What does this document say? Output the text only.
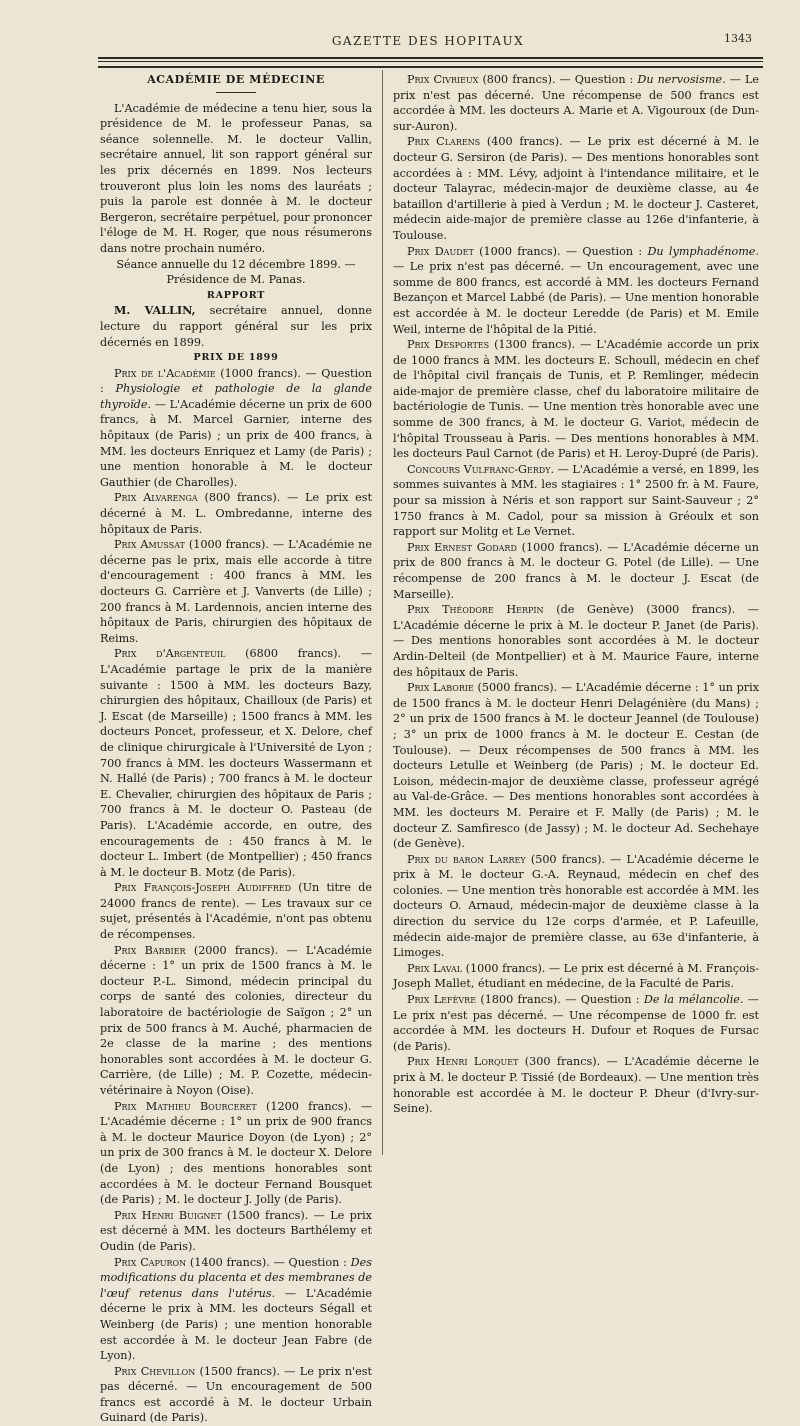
GAZETTE DES HOPITAUX	1343

ACADÉMIE DE MÉDECINE

L'Académie de médecine a tenu hier, sous la présidence de M. le professeur Panas, sa séance solennelle. M. le docteur Vallin, secrétaire annuel, lit son rapport général sur les prix décernés en 1899. Nos lecteurs trouveront plus loin les noms des lauréats ; puis la parole est donnée à M. le docteur Bergeron, secrétaire perpétuel, pour prononcer l'éloge de M. H. Roger, que nous résumerons dans notre prochain numéro.

Séance annuelle du 12 décembre 1899. — Présidence de M. Panas.

RAPPORT

M. VALLIN, secrétaire annuel, donne lecture du rapport général sur les prix décernés en 1899.

PRIX DE 1899

Prix de l'Académie (1000 francs). — Question : Physiologie et pathologie de la glande thyroïde. — L'Académie décerne un prix de 600 francs, à M. Marcel Garnier, interne des hôpitaux (de Paris) ; un prix de 400 francs, à MM. les docteurs Enriquez et Lamy (de Paris) ; une mention honorable à M. le docteur Gauthier (de Charolles).

Prix Alvarenga (800 francs). — Le prix est décerné à M. L. Ombredanne, interne des hôpitaux de Paris.

Prix Amussat (1000 francs). — L'Académie ne décerne pas le prix, mais elle accorde à titre d'encouragement : 400 francs à MM. les docteurs G. Carrière et J. Vanverts (de Lille) ; 200 francs à M. Lardennois, ancien interne des hôpitaux de Paris, chirurgien des hôpitaux de Reims.

Prix d'Argenteuil (6800 francs). — L'Académie partage le prix de la manière suivante : 1500 à MM. les docteurs Bazy, chirurgien des hôpitaux, Chailloux (de Paris) et J. Escat (de Marseille) ; 1500 francs à MM. les docteurs Poncet, professeur, et X. Delore, chef de clinique chirurgicale à l'Université de Lyon ; 700 francs à MM. les docteurs Wassermann et N. Hallé (de Paris) ; 700 francs à M. le docteur E. Chevalier, chirurgien des hôpitaux de Paris ; 700 francs à M. le docteur O. Pasteau (de Paris). L'Académie accorde, en outre, des encouragements de : 450 francs à M. le docteur L. Imbert (de Montpellier) ; 450 francs à M. le docteur B. Motz (de Paris).

Prix François-Joseph Audiffred (Un titre de 24000 francs de rente). — Les travaux sur ce sujet, présentés à l'Académie, n'ont pas obtenu de récompenses.

Prix Barbier (2000 francs). — L'Académie décerne : 1° un prix de 1500 francs à M. le docteur P.-L. Simond, médecin principal du corps de santé des colonies, directeur du laboratoire de bactériologie de Saïgon ; 2° un prix de 500 francs à M. Auché, pharmacien de 2e classe de la marine ; des mentions honorables sont accordées à M. le docteur G. Carrière, (de Lille) ; M. P. Cozette, médecin-vétérinaire à Noyon (Oise).

Prix Mathieu Bourceret (1200 francs). — L'Académie décerne : 1° un prix de 900 francs à M. le docteur Maurice Doyon (de Lyon) ; 2° un prix de 300 francs à M. le docteur X. Delore (de Lyon) ; des mentions honorables sont accordées à M. le docteur Fernand Bousquet (de Paris) ; M. le docteur J. Jolly (de Paris).

Prix Henri Buignet (1500 francs). — Le prix est décerné à MM. les docteurs Barthélemy et Oudin (de Paris).

Prix Capuron (1400 francs). — Question : Des modifications du placenta et des membranes de l'œuf retenus dans l'utérus. — L'Académie décerne le prix à MM. les docteurs Ségall et Weinberg (de Paris) ; une mention honorable est accordée à M. le docteur Jean Fabre (de Lyon).

Prix Chevillon (1500 francs). — Le prix n'est pas décerné. — Un encouragement de 500 francs est accordé à M. le docteur Urbain Guinard (de Paris).

Prix Civrieux (800 francs). — Question : Du nervosisme. — Le prix n'est pas décerné. Une récompense de 500 francs est accordée à MM. les docteurs A. Marie et A. Vigouroux (de Dun-sur-Auron).

Prix Clarens (400 francs). — Le prix est décerné à M. le docteur G. Sersiron (de Paris). — Des mentions honorables sont accordées à : MM. Lévy, adjoint à l'intendance militaire, et le docteur Talayrac, médecin-major de deuxième classe, au 4e bataillon d'artillerie à pied à Verdun ; M. le docteur J. Casteret, médecin aide-major de première classe au 126e d'infanterie, à Toulouse.

Prix Daudet (1000 francs). — Question : Du lymphadénome. — Le prix n'est pas décerné. — Un encouragement, avec une somme de 800 francs, est accordé à MM. les docteurs Fernand Bezançon et Marcel Labbé (de Paris). — Une mention honorable est accordée à M. le docteur Leredde (de Paris) et M. Emile Weil, interne de l'hôpital de la Pitié.

Prix Desportes (1300 francs). — L'Académie accorde un prix de 1000 francs à MM. les docteurs E. Schoull, médecin en chef de l'hôpital civil français de Tunis, et P. Remlinger, médecin aide-major de première classe, chef du laboratoire militaire de bactériologie de Tunis. — Une mention très honorable avec une somme de 300 francs, à M. le docteur G. Variot, médecin de l'hôpital Trousseau à Paris. — Des mentions honorables à MM. les docteurs Paul Carnot (de Paris) et H. Leroy-Dupré (de Paris).

Concours Vulfranc-Gerdy. — L'Académie a versé, en 1899, les sommes suivantes à MM. les stagiaires : 1° 2500 fr. à M. Faure, pour sa mission à Néris et son rapport sur Saint-Sauveur ; 2° 1750 francs à M. Cadol, pour sa mission à Gréoulx et son rapport sur Molitg et Le Vernet.

Prix Ernest Godard (1000 francs). — L'Académie décerne un prix de 800 francs à M. le docteur G. Potel (de Lille). — Une récompense de 200 francs à M. le docteur J. Escat (de Marseille).

Prix Théodore Herpin (de Genève) (3000 francs). — L'Académie décerne le prix à M. le docteur P. Janet (de Paris). — Des mentions honorables sont accordées à M. le docteur Ardin-Delteil (de Montpellier) et à M. Maurice Faure, interne des hôpitaux de Paris.

Prix Laborie (5000 francs). — L'Académie décerne : 1° un prix de 1500 francs à M. le docteur Henri Delagénière (du Mans) ; 2° un prix de 1500 francs à M. le docteur Jeannel (de Toulouse) ; 3° un prix de 1000 francs à M. le docteur E. Cestan (de Toulouse). — Deux récompenses de 500 francs à MM. les docteurs Letulle et Weinberg (de Paris) ; M. le docteur Ed. Loison, médecin-major de deuxième classe, professeur agrégé au Val-de-Grâce. — Des mentions honorables sont accordées à MM. les docteurs M. Peraire et F. Mally (de Paris) ; M. le docteur Z. Samfiresco (de Jassy) ; M. le docteur Ad. Sechehaye (de Genève).

Prix du baron Larrey (500 francs). — L'Académie décerne le prix à M. le docteur G.-A. Reynaud, médecin en chef des colonies. — Une mention très honorable est accordée à MM. les docteurs O. Arnaud, médecin-major de deuxième classe à la direction du service du 12e corps d'armée, et P. Lafeuille, médecin aide-major de première classe, au 63e d'infanterie, à Limoges.

Prix Laval (1000 francs). — Le prix est décerné à M. François-Joseph Mallet, étudiant en médecine, de la Faculté de Paris.

Prix Lefèvre (1800 francs). — Question : De la mélancolie. — Le prix n'est pas décerné. — Une récompense de 1000 fr. est accordée à MM. les docteurs H. Dufour et Roques de Fursac (de Paris).

Prix Henri Lorquet (300 francs). — L'Académie décerne le prix à M. le docteur P. Tissié (de Bordeaux). — Une mention très honorable est accordée à M. le docteur P. Dheur (d'Ivry-sur-Seine).
